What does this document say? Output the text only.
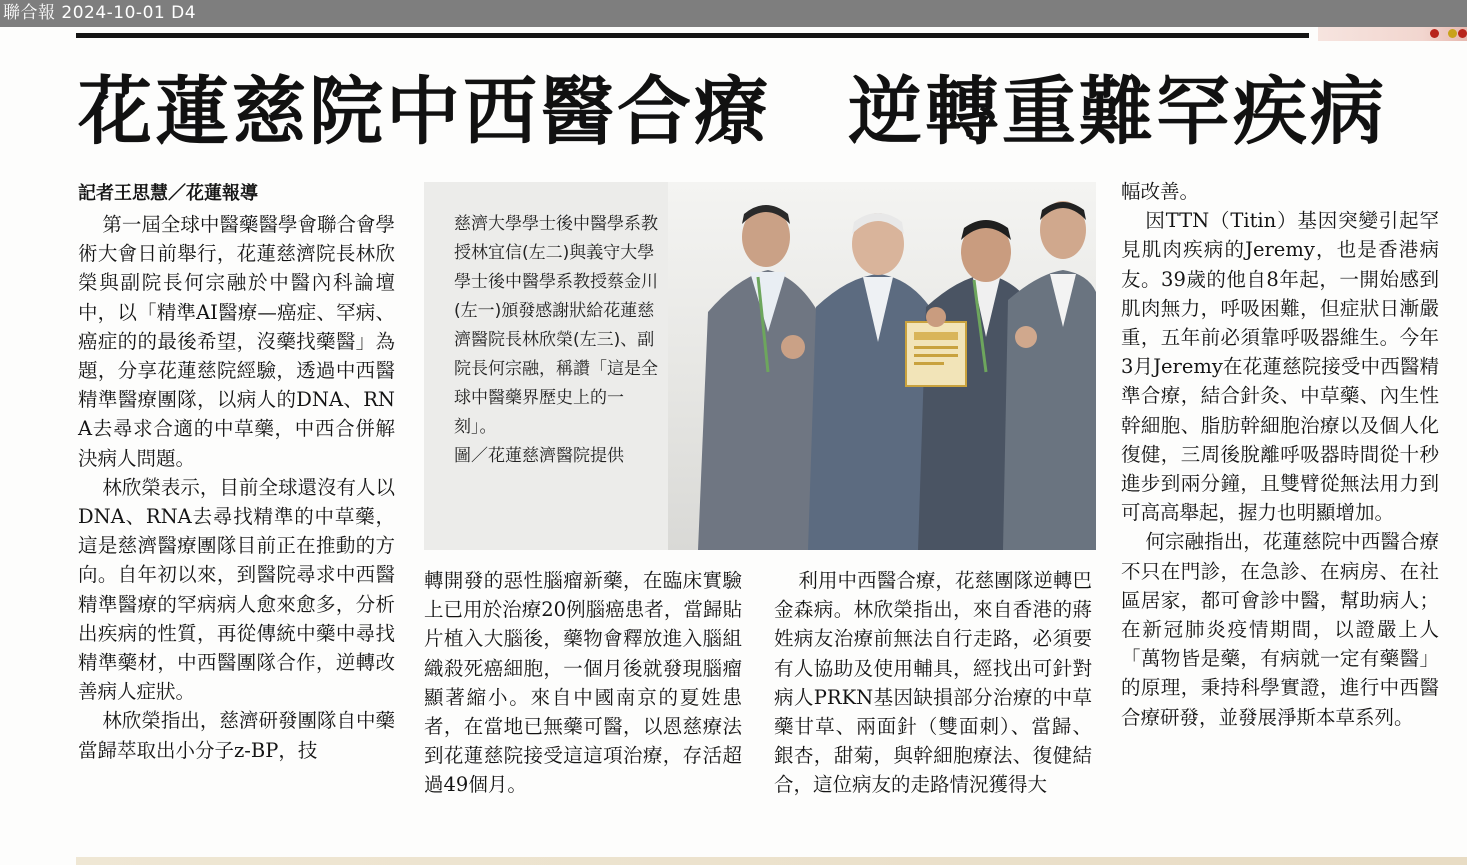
聯合報 2024-10-01 D4
花蓮慈院中西醫合療　逆轉重難罕疾病
記者王思慧／花蓮報導

第一屆全球中醫藥醫學會聯合會學術大會日前舉行，花蓮慈濟院長林欣榮與副院長何宗融於中醫內科論壇中，以「精準AI醫療—癌症、罕病、癌症的的最後希望，沒藥找藥醫」為題，分享花蓮慈院經驗，透過中西醫精準醫療團隊，以病人的DNA、RNA去尋求合適的中草藥，中西合併解決病人問題。

林欣榮表示，目前全球還沒有人以DNA、RNA去尋找精準的中草藥，這是慈濟醫療團隊目前正在推動的方向。自年初以來，到醫院尋求中西醫精準醫療的罕病病人愈來愈多，分析出疾病的性質，再從傳統中藥中尋找精準藥材，中西醫團隊合作，逆轉改善病人症狀。

林欣榮指出，慈濟研發團隊自中藥當歸萃取出小分子z-BP，技

慈濟大學學士後中醫學系教授林宜信(左二)與義守大學學士後中醫學系教授蔡金川(左一)頒發感謝狀給花蓮慈濟醫院長林欣榮(左三)、副院長何宗融，稱讚「這是全球中醫藥界歷史上的一刻」。

圖／花蓮慈濟醫院提供

轉開發的惡性腦瘤新藥，在臨床實驗上已用於治療20例腦癌患者，當歸貼片植入大腦後，藥物會釋放進入腦組織殺死癌細胞，一個月後就發現腦瘤顯著縮小。來自中國南京的夏姓患者，在當地已無藥可醫，以恩慈療法到花蓮慈院接受這這項治療，存活超過49個月。

利用中西醫合療，花慈團隊逆轉巴金森病。林欣榮指出，來自香港的蔣姓病友治療前無法自行走路，必須要有人協助及使用輔具，經找出可針對病人PRKN基因缺損部分治療的中草藥甘草、兩面針（雙面刺）、當歸、銀杏，甜菊，與幹細胞療法、復健結合，這位病友的走路情況獲得大

幅改善。

因TTN（Titin）基因突變引起罕見肌肉疾病的Jeremy，也是香港病友。39歲的他自8年起，一開始感到肌肉無力，呼吸困難，但症狀日漸嚴重，五年前必須靠呼吸器維生。今年3月Jeremy在花蓮慈院接受中西醫精準合療，結合針灸、中草藥、內生性幹細胞、脂肪幹細胞治療以及個人化復健，三周後脫離呼吸器時間從十秒進步到兩分鐘，且雙臂從無法用力到可高高舉起，握力也明顯增加。

何宗融指出，花蓮慈院中西醫合療不只在門診，在急診、在病房、在社區居家，都可會診中醫，幫助病人；在新冠肺炎疫情期間，以證嚴上人「萬物皆是藥，有病就一定有藥醫」的原理，秉持科學實證，進行中西醫合療研發，並發展淨斯本草系列。
